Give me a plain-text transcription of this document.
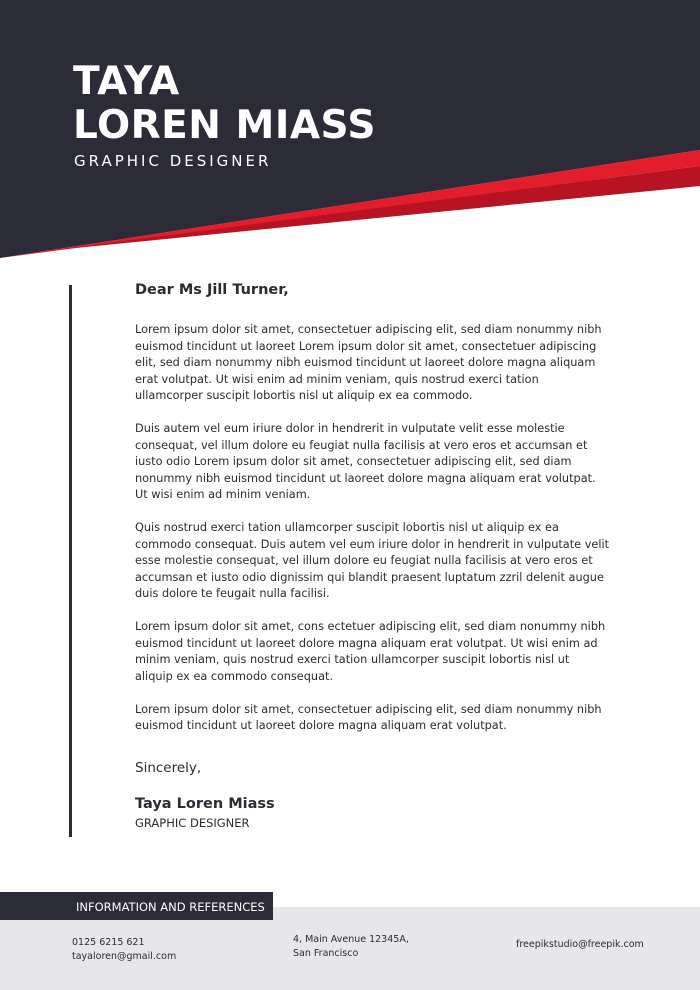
TAYA
LOREN MIASS
GRAPHIC DESIGNER

Dear Ms Jill Turner,

Lorem ipsum dolor sit amet, consectetuer adipiscing elit, sed diam nonummy nibh euismod tincidunt ut laoreet Lorem ipsum dolor sit amet, consectetuer adipiscing elit, sed diam nonummy nibh euismod tincidunt ut laoreet dolore magna aliquam erat volutpat. Ut wisi enim ad minim veniam, quis nostrud exerci tation ullamcorper suscipit lobortis nisl ut aliquip ex ea commodo.

Duis autem vel eum iriure dolor in hendrerit in vulputate velit esse molestie consequat, vel illum dolore eu feugiat nulla facilisis at vero eros et accumsan et iusto odio Lorem ipsum dolor sit amet, consectetuer adipiscing elit, sed diam nonummy nibh euismod tincidunt ut laoreet dolore magna aliquam erat volutpat. Ut wisi enim ad minim veniam.

Quis nostrud exerci tation ullamcorper suscipit lobortis nisl ut aliquip ex ea commodo consequat. Duis autem vel eum iriure dolor in hendrerit in vulputate velit esse molestie consequat, vel illum dolore eu feugiat nulla facilisis at vero eros et accumsan et iusto odio dignissim qui blandit praesent luptatum zzril delenit augue duis dolore te feugait nulla facilisi.

Lorem ipsum dolor sit amet, cons ectetuer adipiscing elit, sed diam nonummy nibh euismod tincidunt ut laoreet dolore magna aliquam erat volutpat. Ut wisi enim ad minim veniam, quis nostrud exerci tation ullamcorper suscipit lobortis nisl ut aliquip ex ea commodo consequat.

Lorem ipsum dolor sit amet, consectetuer adipiscing elit, sed diam nonummy nibh euismod tincidunt ut laoreet dolore magna aliquam erat volutpat.

Sincerely,

Taya Loren Miass

GRAPHIC DESIGNER

INFORMATION AND REFERENCES
0125 6215 621
tayaloren@gmail.com
4, Main Avenue 12345A,
San Francisco
freepikstudio@freepik.com
